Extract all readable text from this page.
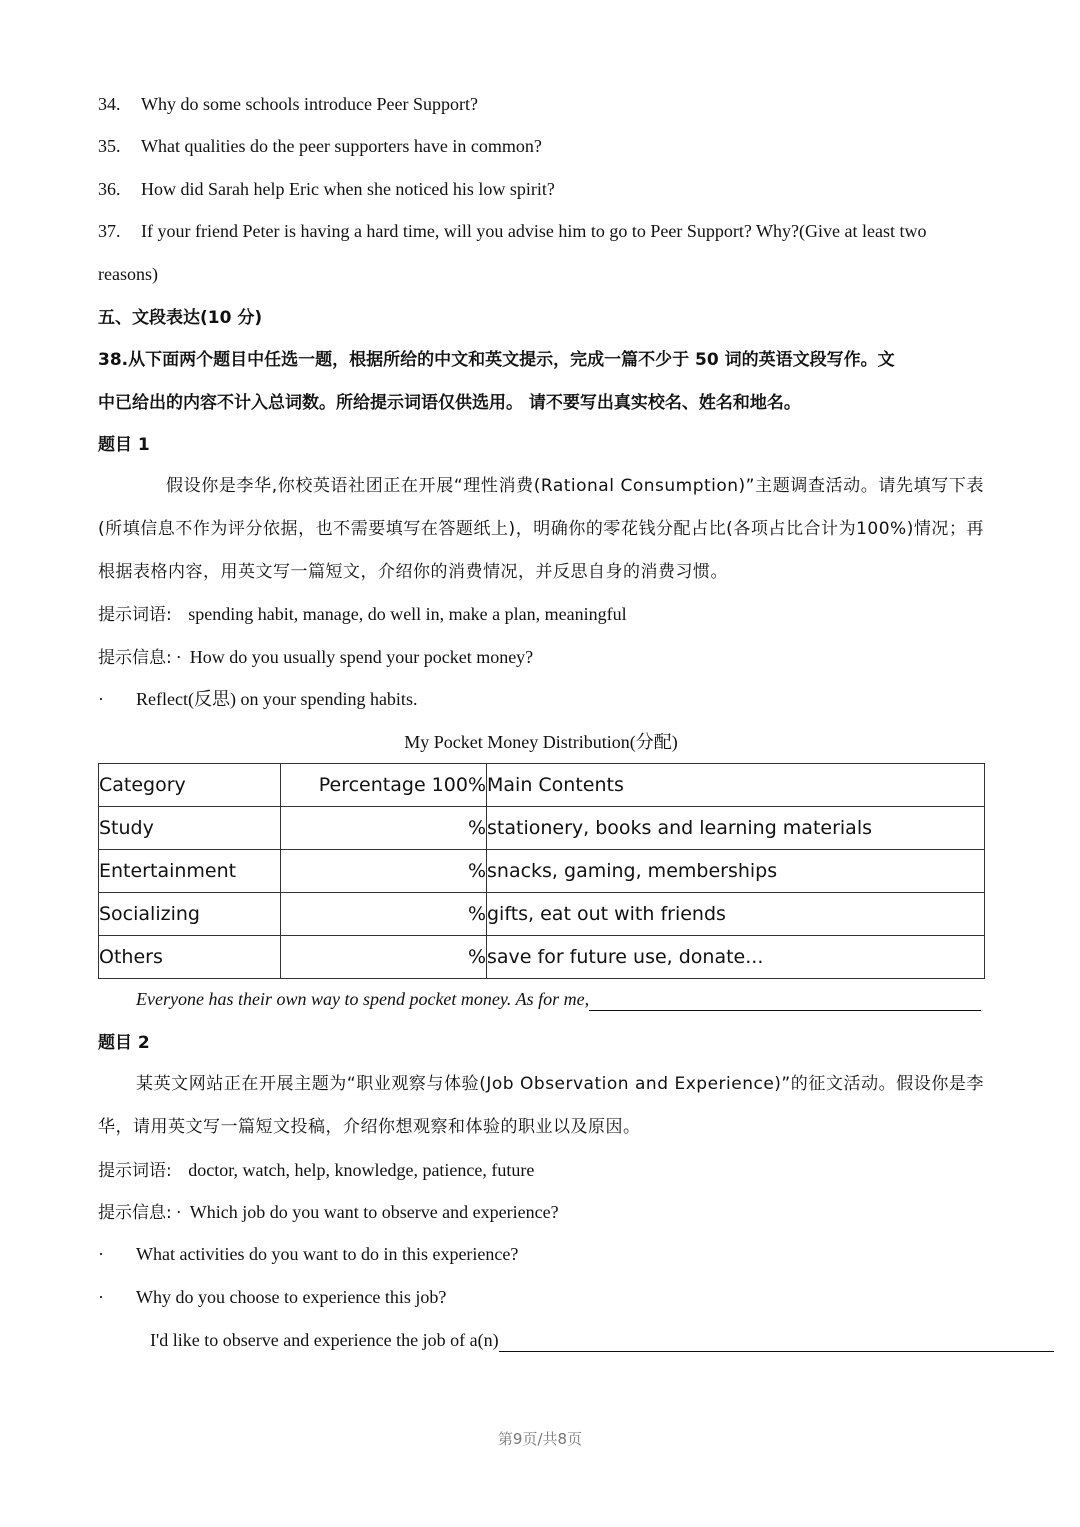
34. Why do some schools introduce Peer Support?
35. What qualities do the peer supporters have in common?
36. How did Sarah help Eric when she noticed his low spirit?
37. If your friend Peter is having a hard time, will you advise him to go to Peer Support? Why?(Give at least two
reasons)
五、文段表达(10 分)
38.从下面两个题目中任选一题，根据所给的中文和英文提示，完成一篇不少于 50 词的英语文段写作。文
中已给出的内容不计入总词数。所给提示词语仅供选用。 请不要写出真实校名、姓名和地名。
题目 1
假设你是李华,你校英语社团正在开展“理性消费(Rational Consumption)”主题调查活动。请先填写下表(所填信息不作为评分依据，也不需要填写在答题纸上)，明确你的零花钱分配占比(各项占比合计为100%)情况；再根据表格内容，用英文写一篇短文，介绍你的消费情况，并反思自身的消费习惯。
提示词语: spending habit, manage, do well in, make a plan, meaningful
提示信息: · How do you usually spend your pocket money?
· Reflect(反思) on your spending habits.
My Pocket Money Distribution(分配)
Category	Percentage 100%	Main Contents
Study	%	stationery, books and learning materials
Entertainment	%	snacks, gaming, memberships
Socializing	%	gifts, eat out with friends
Others	%	save for future use, donate...
Everyone has their own way to spend pocket money. As for me,
题目 2
某英文网站正在开展主题为“职业观察与体验(Job Observation and Experience)”的征文活动。假设你是李华，请用英文写一篇短文投稿，介绍你想观察和体验的职业以及原因。
提示词语: doctor, watch, help, knowledge, patience, future
提示信息: · Which job do you want to observe and experience?
· What activities do you want to do in this experience?
· Why do you choose to experience this job?
I'd like to observe and experience the job of a(n)
第9页/共8页
